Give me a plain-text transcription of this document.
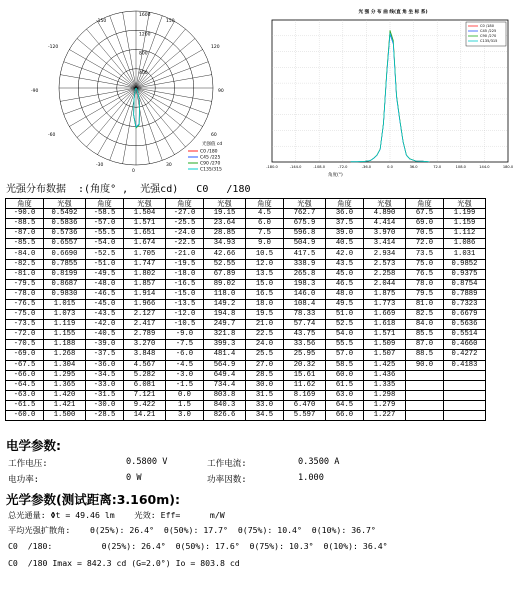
1600
1200
800
400
-150	150
-120	120
-90	90
-60	60
-30
0
30
光强值 cd
C0 /180
C45 /225
C90 /270
C135/315
光 强 分 布 曲 线(直 角 坐 标 系)
-180.0	-144.0	-108.0	-72.0	-36.0	0.0	36.0	72.0	108.0	144.0	180.0
角度(°)
C0 /180
C45 /225
C90 /270
C135/315
光强分布数据  :(角度° ,  光强cd)   C0   /180
角度	光强	角度	光强	角度	光强	角度	光强	角度	光强	角度	光强
-90.0	0.5492	-58.5	1.504	-27.0	19.15	4.5	762.7	36.0	4.890	67.5	1.199
-88.5	0.5836	-57.0	1.571	-25.5	23.64	6.0	675.9	37.5	4.414	69.0	1.159
-87.0	0.5736	-55.5	1.651	-24.0	28.85	7.5	596.8	39.0	3.970	70.5	1.112
-85.5	0.6557	-54.0	1.674	-22.5	34.93	9.0	504.9	40.5	3.414	72.0	1.086
-84.0	0.6690	-52.5	1.705	-21.0	42.66	10.5	417.5	42.0	2.934	73.5	1.031
-82.5	0.7855	-51.0	1.747	-19.5	52.55	12.0	338.9	43.5	2.573	75.0	0.9852
-81.0	0.8199	-49.5	1.802	-18.0	67.89	13.5	265.8	45.0	2.258	76.5	0.9375
-79.5	0.8687	-48.0	1.857	-16.5	89.02	15.0	198.3	46.5	2.044	78.0	0.8754
-78.0	0.9830	-46.5	1.914	-15.0	118.0	16.5	146.0	48.0	1.875	79.5	0.7889
-76.5	1.015	-45.0	1.966	-13.5	149.2	18.0	108.4	49.5	1.773	81.0	0.7323
-75.0	1.073	-43.5	2.127	-12.0	194.8	19.5	78.33	51.0	1.669	82.5	0.6679
-73.5	1.119	-42.0	2.417	-10.5	249.7	21.0	57.74	52.5	1.618	84.0	0.5636
-72.0	1.155	-40.5	2.789	-9.0	321.8	22.5	43.75	54.0	1.571	85.5	0.5514
-70.5	1.188	-39.0	3.270	-7.5	399.3	24.0	33.56	55.5	1.509	87.0	0.4660
-69.0	1.268	-37.5	3.848	-6.0	481.4	25.5	25.95	57.0	1.507	88.5	0.4272
-67.5	1.304	-36.0	4.567	-4.5	564.9	27.0	20.32	58.5	1.425	90.0	0.4183
-66.0	1.295	-34.5	5.282	-3.0	649.4	28.5	15.61	60.0	1.436		
-64.5	1.365	-33.0	6.081	-1.5	734.4	30.0	11.62	61.5	1.335		
-63.0	1.420	-31.5	7.121	0.0	803.8	31.5	8.169	63.0	1.298		
-61.5	1.421	-30.0	9.422	1.5	840.3	33.0	6.470	64.5	1.279		
-60.0	1.500	-28.5	14.21	3.0	826.6	34.5	5.597	66.0	1.227		
电学参数:
工作电压:	0.5800 V	工作电流:	0.3500 A
电功率:	0 W	功率因数:	1.000
光学参数(测试距离:3.160m):
总光通量: Φt = 49.46 lm    光效: Eff=      m/W
平均光强扩散角:    θ(25%): 26.4°  θ(50%): 17.7°  θ(75%): 10.4°  θ(10%): 36.7°
C0  /180:          θ(25%): 26.4°  θ(50%): 17.6°  θ(75%): 10.3°  θ(10%): 36.4°
C0  /180 Imax = 842.3 cd (G=2.0°) Io = 803.8 cd
